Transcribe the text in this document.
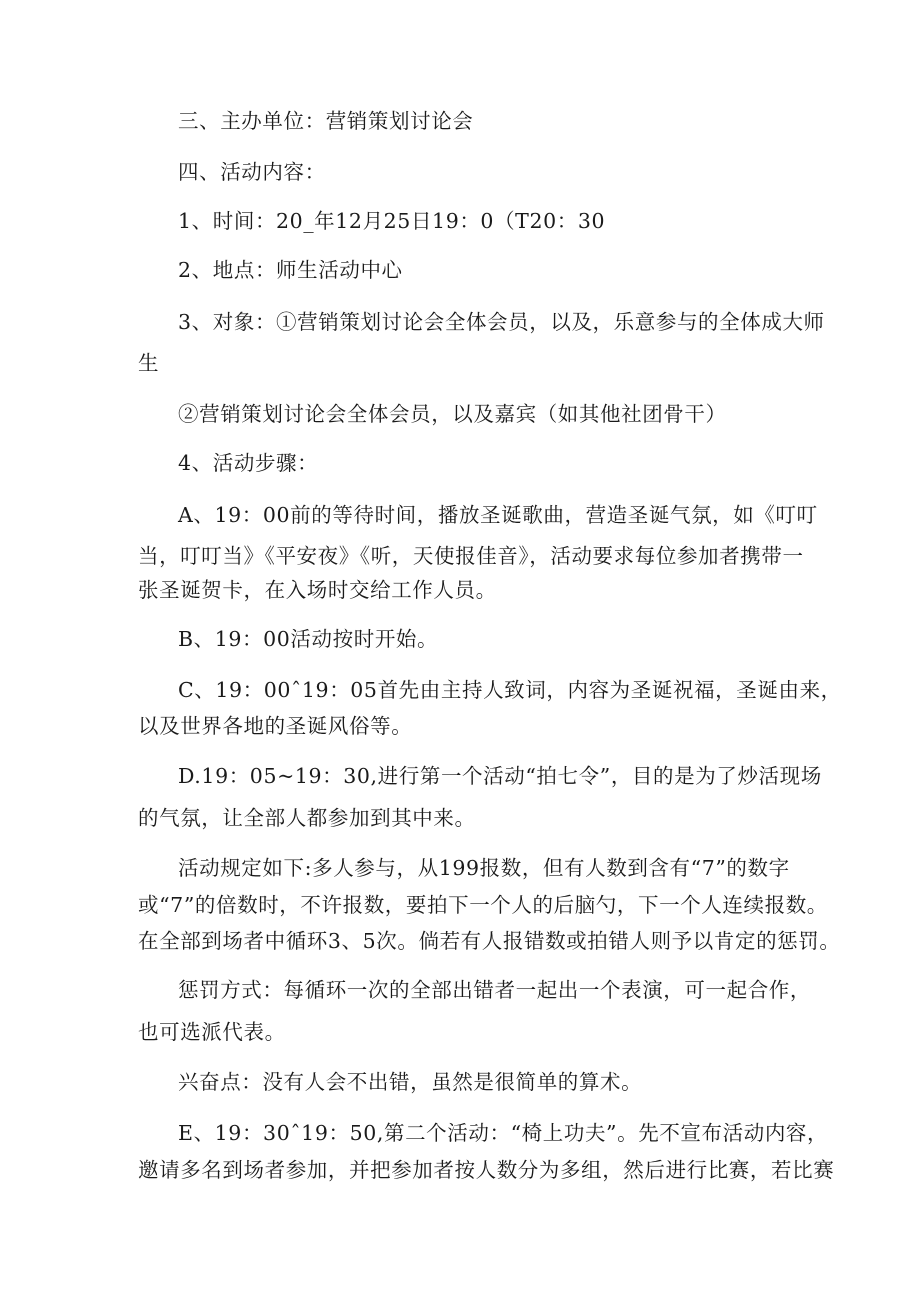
三、主办单位：营销策划讨论会
四、活动内容：
1、时间：20_年12月25日19：0（T20：30
2、地点：师生活动中心
3、对象：①营销策划讨论会全体会员，以及，乐意参与的全体成大师
生
②营销策划讨论会全体会员，以及嘉宾（如其他社团骨干）
4、活动步骤：
A、19：00前的等待时间，播放圣诞歌曲，营造圣诞气氛，如《叮叮
当，叮叮当》《平安夜》《听，天使报佳音》，活动要求每位参加者携带一
张圣诞贺卡，在入场时交给工作人员。
B、19：00活动按时开始。
C、19：00ˆ19：05首先由主持人致词，内容为圣诞祝福，圣诞由来，
以及世界各地的圣诞风俗等。
D.19：05~19：30,进行第一个活动“拍七令”，目的是为了炒活现场
的气氛，让全部人都参加到其中来。
活动规定如下:多人参与，从199报数，但有人数到含有“7”的数字
或“7”的倍数时，不许报数，要拍下一个人的后脑勺，下一个人连续报数。
在全部到场者中循环3、5次。倘若有人报错数或拍错人则予以肯定的惩罚。
惩罚方式：每循环一次的全部出错者一起出一个表演，可一起合作，
也可选派代表。
兴奋点：没有人会不出错，虽然是很简单的算术。
E、19：30ˆ19：50,第二个活动：“椅上功夫”。先不宣布活动内容，
邀请多名到场者参加，并把参加者按人数分为多组，然后进行比赛，若比赛
